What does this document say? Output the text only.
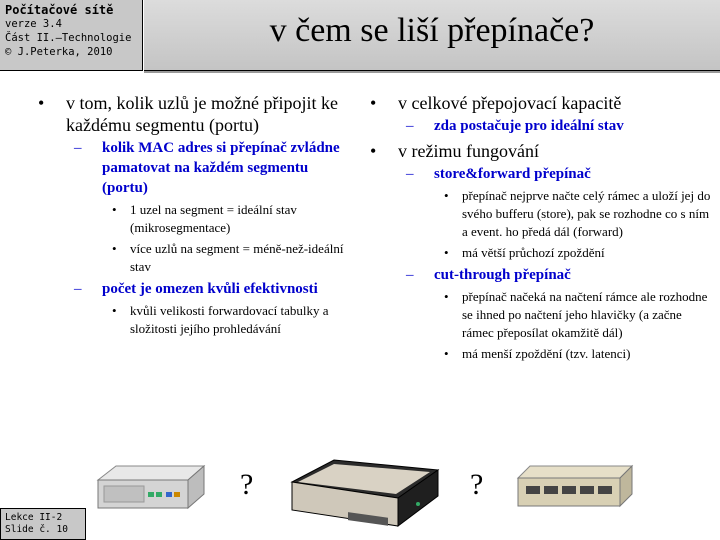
Počítačové sítě
verze 3.4
Část II.–Technologie
© J.Peterka, 2010
v čem se liší přepínače?
• v tom, kolik uzlů je možné připojit ke každému segmentu (portu)
– kolik MAC adres si přepínač zvládne pamatovat na každém segmentu (portu)
• 1 uzel na segment = ideální stav (mikrosegmentace)
• více uzlů na segment = méně-než-ideální stav
– počet je omezen kvůli efektivnosti
• kvůli velikosti forwardovací tabulky a složitosti jejího prohledávání
• v celkové přepojovací kapacitě
– zda postačuje pro ideální stav
• v režimu fungování
– store&forward přepínač
• přepínač nejprve načte celý rámec a uloží jej do svého bufferu (store), pak se rozhodne co s ním a event. ho předá dál (forward)
• má větší průchozí zpoždění
– cut-through přepínač
• přepínač načeká na načtení rámce ale rozhodne se ihned po načtení jeho hlavičky (a začne rámec přeposílat okamžitě dál)
• má menší zpoždění (tzv. latenci)
?	?
Lekce II-2
Slide č. 10
